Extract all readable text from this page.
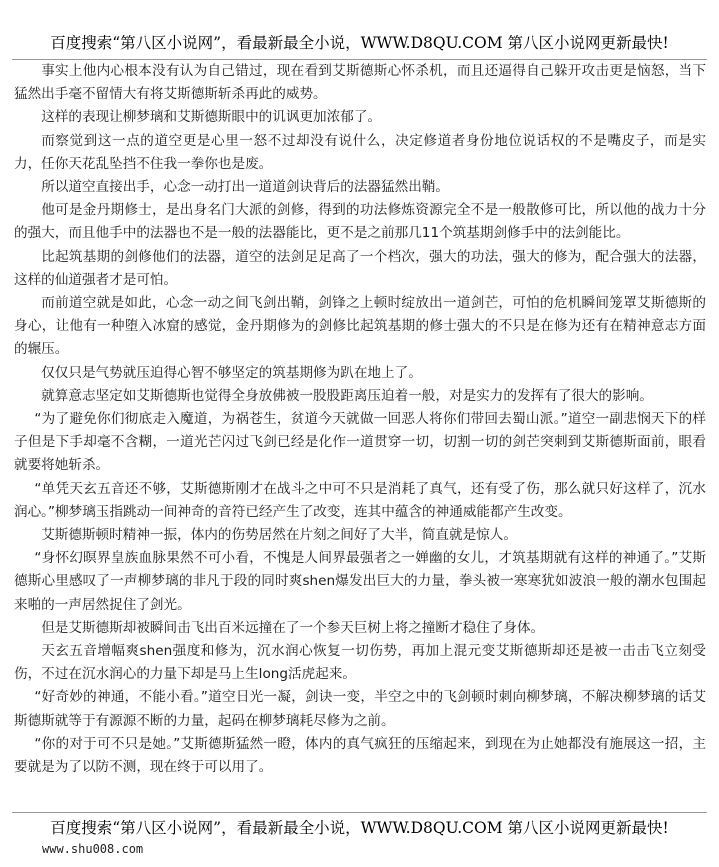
百度搜索“第八区小说网”，看最新最全小说，WWW.D8QU.COM 第八区小说网更新最快!

事实上他内心根本没有认为自己错过，现在看到艾斯德斯心怀杀机，而且还逼得自己躲开攻击更是恼怒，当下猛然出手毫不留情大有将艾斯德斯斩杀再此的威势。

这样的表现让柳梦璃和艾斯德斯眼中的讥讽更加浓郁了。

而察觉到这一点的道空更是心里一怒不过却没有说什么，决定修道者身份地位说话权的不是嘴皮子，而是实力，任你天花乱坠挡不住我一拳你也是废。

所以道空直接出手，心念一动打出一道道剑诀背后的法器猛然出鞘。

他可是金丹期修士，是出身名门大派的剑修，得到的功法修炼资源完全不是一般散修可比，所以他的战力十分的强大，而且他手中的法器也不是一般的法器能比，更不是之前那几11个筑基期剑修手中的法剑能比。

比起筑基期的剑修他们的法器，道空的法剑足足高了一个档次，强大的功法，强大的修为，配合强大的法器，这样的仙道强者才是可怕。

而前道空就是如此，心念一动之间飞剑出鞘，剑锋之上顿时绽放出一道剑芒，可怕的危机瞬间笼罩艾斯德斯的身心，让他有一种堕入冰窟的感觉，金丹期修为的剑修比起筑基期的修士强大的不只是在修为还有在精神意志方面的辗压。

仅仅只是气势就压迫得心智不够坚定的筑基期修为趴在地上了。

就算意志坚定如艾斯德斯也觉得全身放佛被一股股距离压迫着一般，对是实力的发挥有了很大的影响。

“为了避免你们彻底走入魔道，为祸苍生，贫道今天就做一回恶人将你们带回去蜀山派。”道空一副悲悯天下的样子但是下手却毫不含糊，一道光芒闪过飞剑已经是化作一道贯穿一切，切割一切的剑芒突刺到艾斯德斯面前，眼看就要将她斩杀。

“单凭天玄五音还不够，艾斯德斯刚才在战斗之中可不只是消耗了真气，还有受了伤，那么就只好这样了，沉水润心。”柳梦璃玉指跳动一间神奇的音符已经产生了改变，连其中蕴含的神通威能都产生改变。

艾斯德斯顿时精神一振，体内的伤势居然在片刻之间好了大半，简直就是惊人。

“身怀幻暝界皇族血脉果然不可小看，不愧是人间界最强者之一婵幽的女儿，才筑基期就有这样的神通了。”艾斯德斯心里感叹了一声柳梦璃的非凡于段的同时爽shen爆发出巨大的力量，拳头被一寒寒犹如波浪一般的潮水包围起来啪的一声居然捉住了剑光。

但是艾斯德斯却被瞬间击飞出百米远撞在了一个参天巨树上将之撞断才稳住了身体。

天玄五音增幅爽shen强度和修为，沉水润心恢复一切伤势，再加上混元变艾斯德斯却还是被一击击飞立刻受伤，不过在沉水润心的力量下却是马上生long活虎起来。

“好奇妙的神通，不能小看。”道空日光一凝，剑诀一变，半空之中的飞剑顿时刺向柳梦璃，不解决柳梦璃的话艾斯德斯就等于有源源不断的力量，起码在柳梦璃耗尽修为之前。

“你的对于可不只是她。”艾斯德斯猛然一瞪，体内的真气疯狂的压缩起来，到现在为止她都没有施展这一招，主要就是为了以防不测，现在终于可以用了。

百度搜索“第八区小说网”，看最新最全小说，WWW.D8QU.COM 第八区小说网更新最快!
www.shu008.com
